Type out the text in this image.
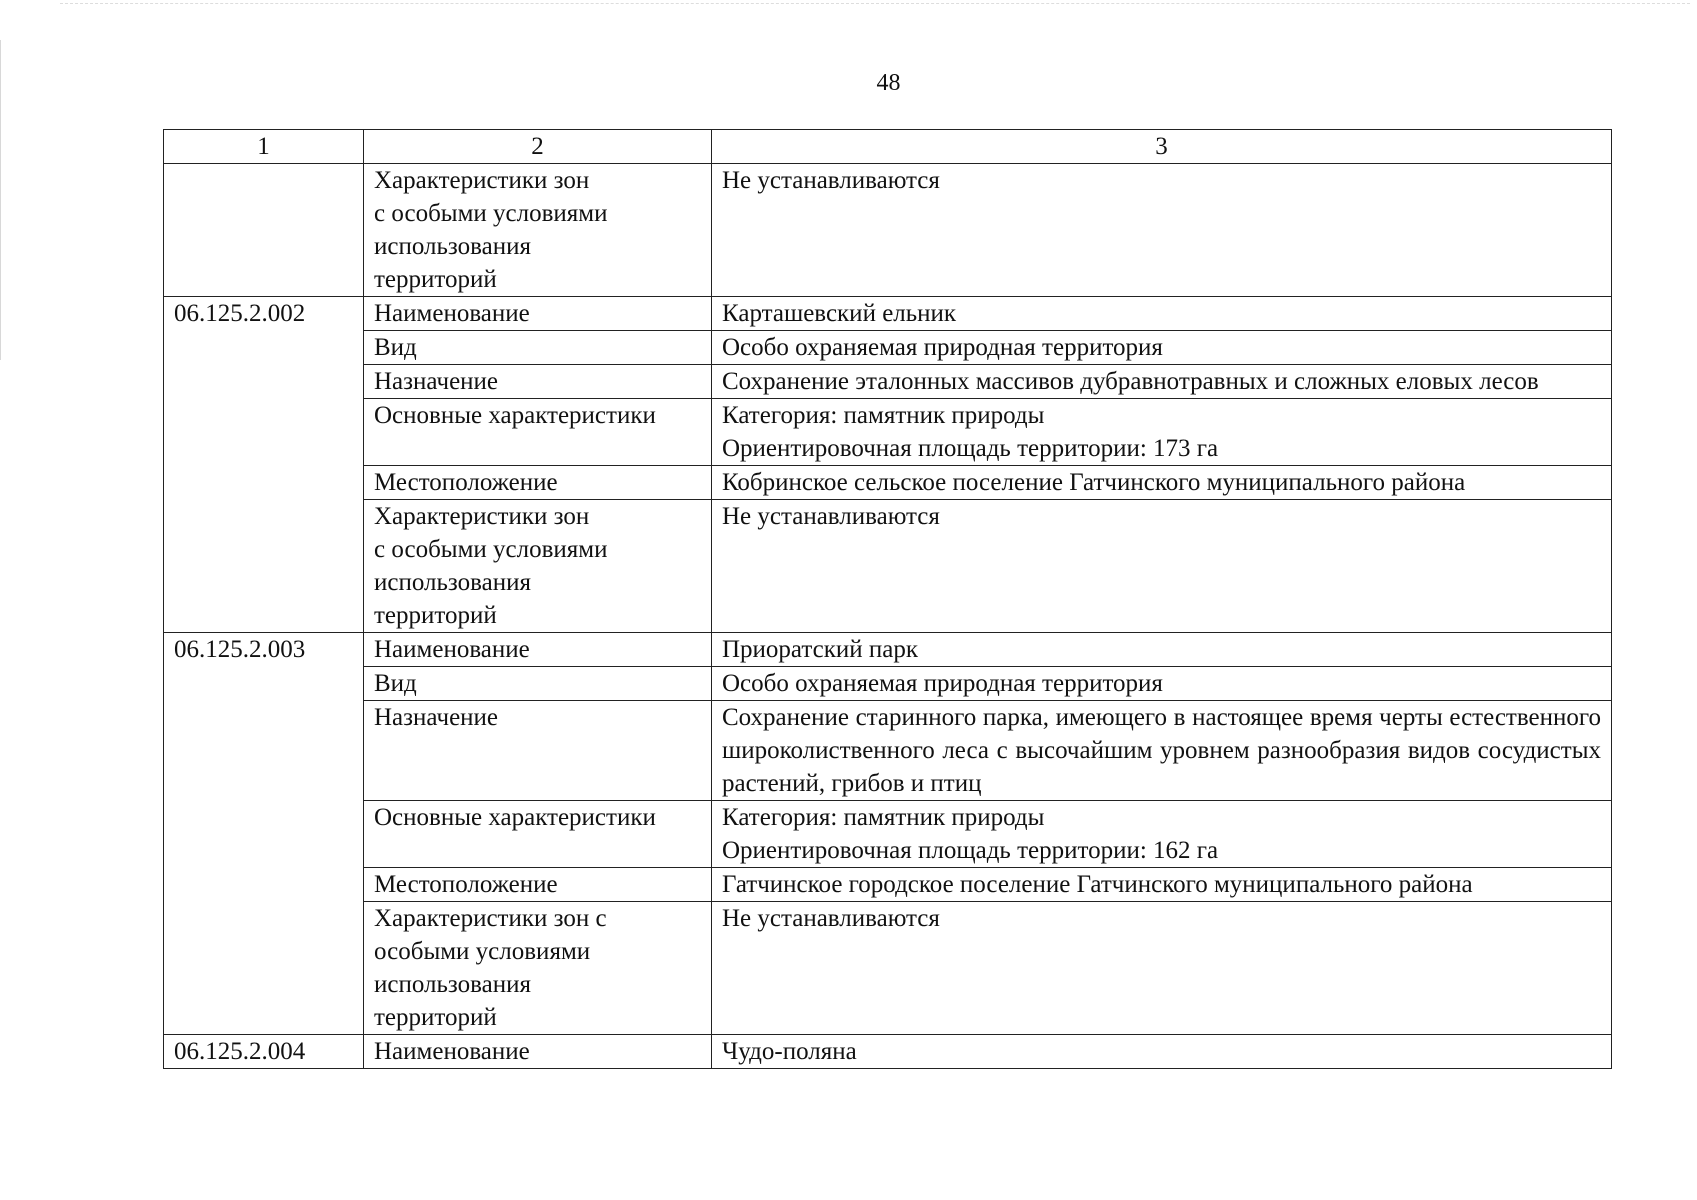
48
1	2	3

	Характеристики зон
с особыми условиями
использования
территорий	Не устанавливаются
06.125.2.002	Наименование	Карташевский ельник
	Вид	Особо охраняемая природная территория
	Назначение	Сохранение эталонных массивов дубравнотравных и сложных еловых лесов
	Основные характеристики	Категория: памятник природы
Ориентировочная площадь территории: 173 га

	Местоположение	Кобринское сельское поселение Гатчинского муниципального района

	Характеристики зон
с особыми условиями
использования
территорий	Не устанавливаются
06.125.2.003	Наименование	Приоратский парк
	Вид	Особо охраняемая природная территория
	Назначение	Сохранение старинного парка, имеющего в настоящее время черты естественного широколиственного леса с высочайшим уровнем разнообразия видов сосудистых растений, грибов и птиц
	Основные характеристики	Категория: памятник природы
Ориентировочная площадь территории: 162 га

	Местоположение	Гатчинское городское поселение Гатчинского муниципального района

	Характеристики зон с
особыми условиями
использования
территорий	Не устанавливаются
06.125.2.004	Наименование	Чудо-поляна
